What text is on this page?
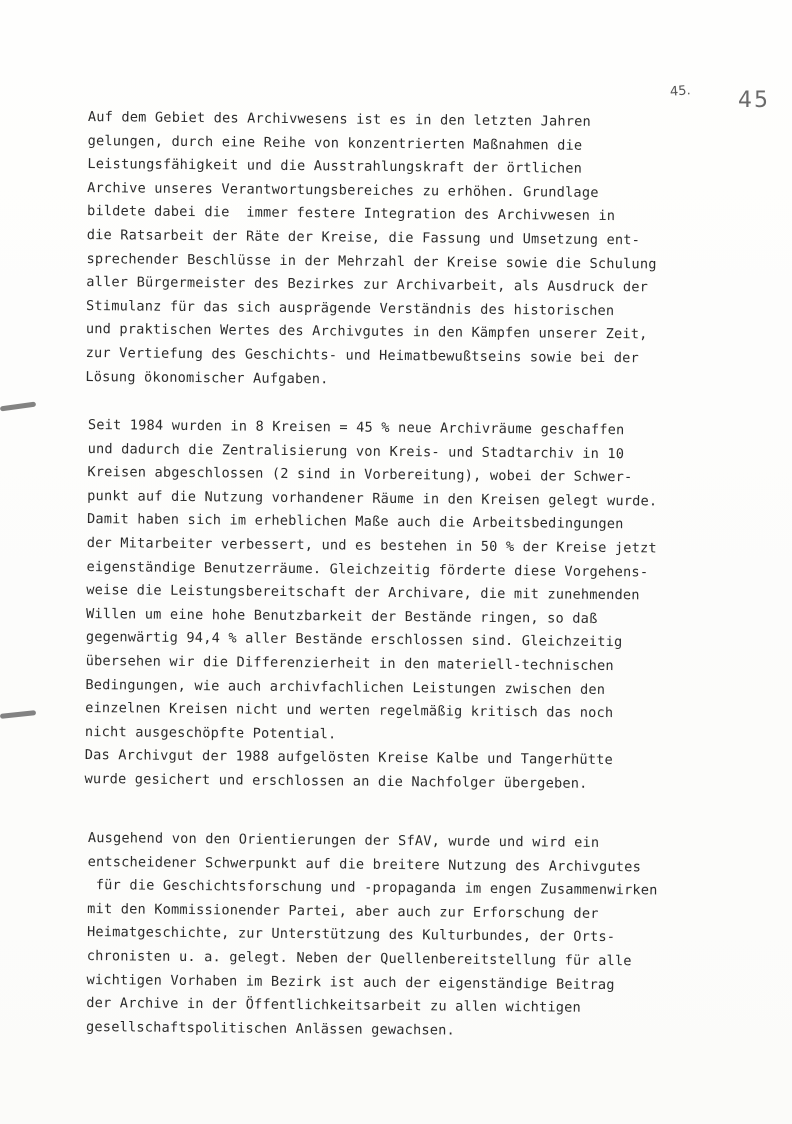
45. 45
Auf dem Gebiet des Archivwesens ist es in den letzten Jahren
gelungen, durch eine Reihe von konzentrierten Maßnahmen die
Leistungsfähigkeit und die Ausstrahlungskraft der örtlichen
Archive unseres Verantwortungsbereiches zu erhöhen. Grundlage
bildete dabei die  immer festere Integration des Archivwesen in
die Ratsarbeit der Räte der Kreise, die Fassung und Umsetzung ent-
sprechender Beschlüsse in der Mehrzahl der Kreise sowie die Schulung
aller Bürgermeister des Bezirkes zur Archivarbeit, als Ausdruck der
Stimulanz für das sich ausprägende Verständnis des historischen
und praktischen Wertes des Archivgutes in den Kämpfen unserer Zeit,
zur Vertiefung des Geschichts- und Heimatbewußtseins sowie bei der
Lösung ökonomischer Aufgaben.
Seit 1984 wurden in 8 Kreisen = 45 % neue Archivräume geschaffen
und dadurch die Zentralisierung von Kreis- und Stadtarchiv in 10
Kreisen abgeschlossen (2 sind in Vorbereitung), wobei der Schwer-
punkt auf die Nutzung vorhandener Räume in den Kreisen gelegt wurde.
Damit haben sich im erheblichen Maße auch die Arbeitsbedingungen
der Mitarbeiter verbessert, und es bestehen in 50 % der Kreise jetzt
eigenständige Benutzerräume. Gleichzeitig förderte diese Vorgehens-
weise die Leistungsbereitschaft der Archivare, die mit zunehmenden
Willen um eine hohe Benutzbarkeit der Bestände ringen, so daß
gegenwärtig 94,4 % aller Bestände erschlossen sind. Gleichzeitig
übersehen wir die Differenzierheit in den materiell-technischen
Bedingungen, wie auch archivfachlichen Leistungen zwischen den
einzelnen Kreisen nicht und werten regelmäßig kritisch das noch
nicht ausgeschöpfte Potential.
Das Archivgut der 1988 aufgelösten Kreise Kalbe und Tangerhütte
wurde gesichert und erschlossen an die Nachfolger übergeben.
Ausgehend von den Orientierungen der SfAV, wurde und wird ein
entscheidener Schwerpunkt auf die breitere Nutzung des Archivgutes
für die Geschichtsforschung und -propaganda im engen Zusammenwirken
mit den Kommissionender Partei, aber auch zur Erforschung der
Heimatgeschichte, zur Unterstützung des Kulturbundes, der Orts-
chronisten u. a. gelegt. Neben der Quellenbereitstellung für alle
wichtigen Vorhaben im Bezirk ist auch der eigenständige Beitrag
der Archive in der Öffentlichkeitsarbeit zu allen wichtigen
gesellschaftspolitischen Anlässen gewachsen.
